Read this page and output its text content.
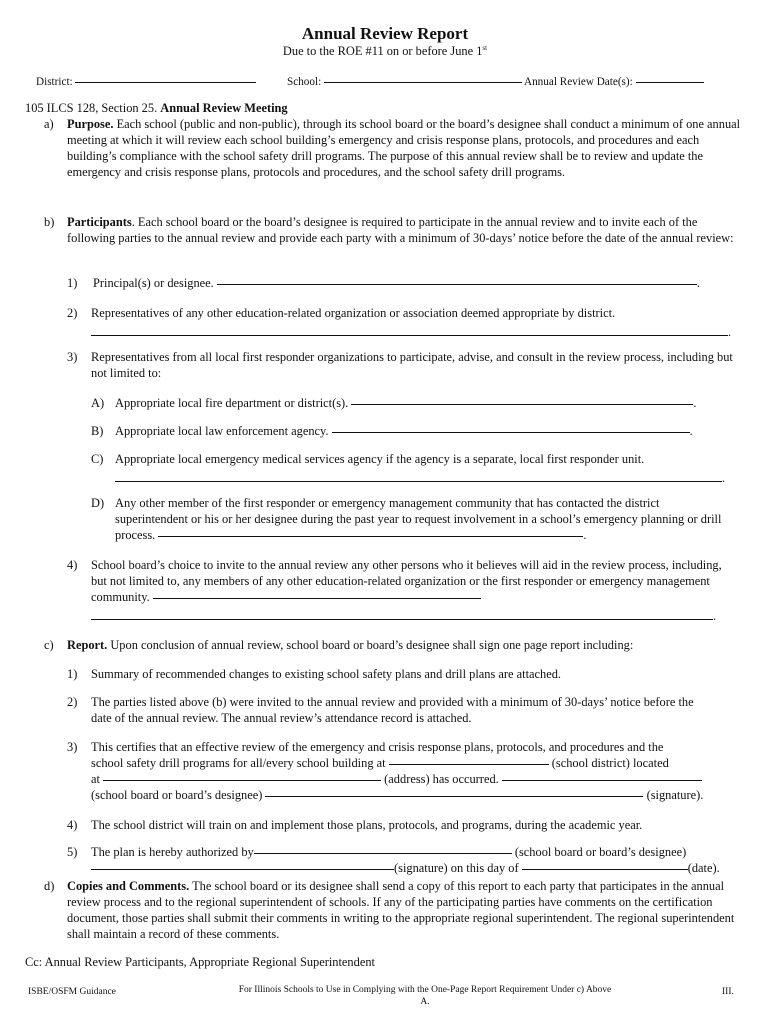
Annual Review Report
Due to the ROE #11 on or before June 1st
District:	School:	Annual Review Date(s):
105 ILCS 128, Section 25. Annual Review Meeting
a) Purpose. Each school (public and non-public), through its school board or the board’s designee shall conduct a minimum of one annual meeting at which it will review each school building’s emergency and crisis response plans, protocols, and procedures and each building’s compliance with the school safety drill programs. The purpose of this annual review shall be to review and update the emergency and crisis response plans, protocols and procedures, and the school safety drill programs.
b) Participants. Each school board or the board’s designee is required to participate in the annual review and to invite each of the following parties to the annual review and provide each party with a minimum of 30-days’ notice before the date of the annual review:
1) Principal(s) or designee.	.
2) Representatives of any other education-related organization or association deemed appropriate by district.
.
3) Representatives from all local first responder organizations to participate, advise, and consult in the review process, including but not limited to:
A) Appropriate local fire department or district(s).	.
B) Appropriate local law enforcement agency.	.
C) Appropriate local emergency medical services agency if the agency is a separate, local first responder unit.
.
D) Any other member of the first responder or emergency management community that has contacted the district superintendent or his or her designee during the past year to request involvement in a school’s emergency planning or drill process.	.
4) School board’s choice to invite to the annual review any other persons who it believes will aid in the review process, including, but not limited to, any members of any other education-related organization or the first responder or emergency management community.
.
c) Report. Upon conclusion of annual review, school board or board’s designee shall sign one page report including:
1) Summary of recommended changes to existing school safety plans and drill plans are attached.
2) The parties listed above (b) were invited to the annual review and provided with a minimum of 30-days’ notice before the date of the annual review. The annual review’s attendance record is attached.
3) This certifies that an effective review of the emergency and crisis response plans, protocols, and procedures and the
school safety drill programs for all/every school building at	(school district) located
at	(address) has occurred.
(school board or board’s designee)	(signature).
4) The school district will train on and implement those plans, protocols, and programs, during the academic year.
5) The plan is hereby authorized by	(school board or board’s designee)
(signature) on this day of	(date).
d) Copies and Comments. The school board or its designee shall send a copy of this report to each party that participates in the annual review process and to the regional superintendent of schools. If any of the participating parties have comments on the certification document, those parties shall submit their comments in writing to the appropriate regional superintendent. The regional superintendent shall maintain a record of these comments.
Cc: Annual Review Participants, Appropriate Regional Superintendent
ISBE/OSFM Guidance	For Illinois Schools to Use in Complying with the One-Page Report Requirement Under c) Above
A.
III.
